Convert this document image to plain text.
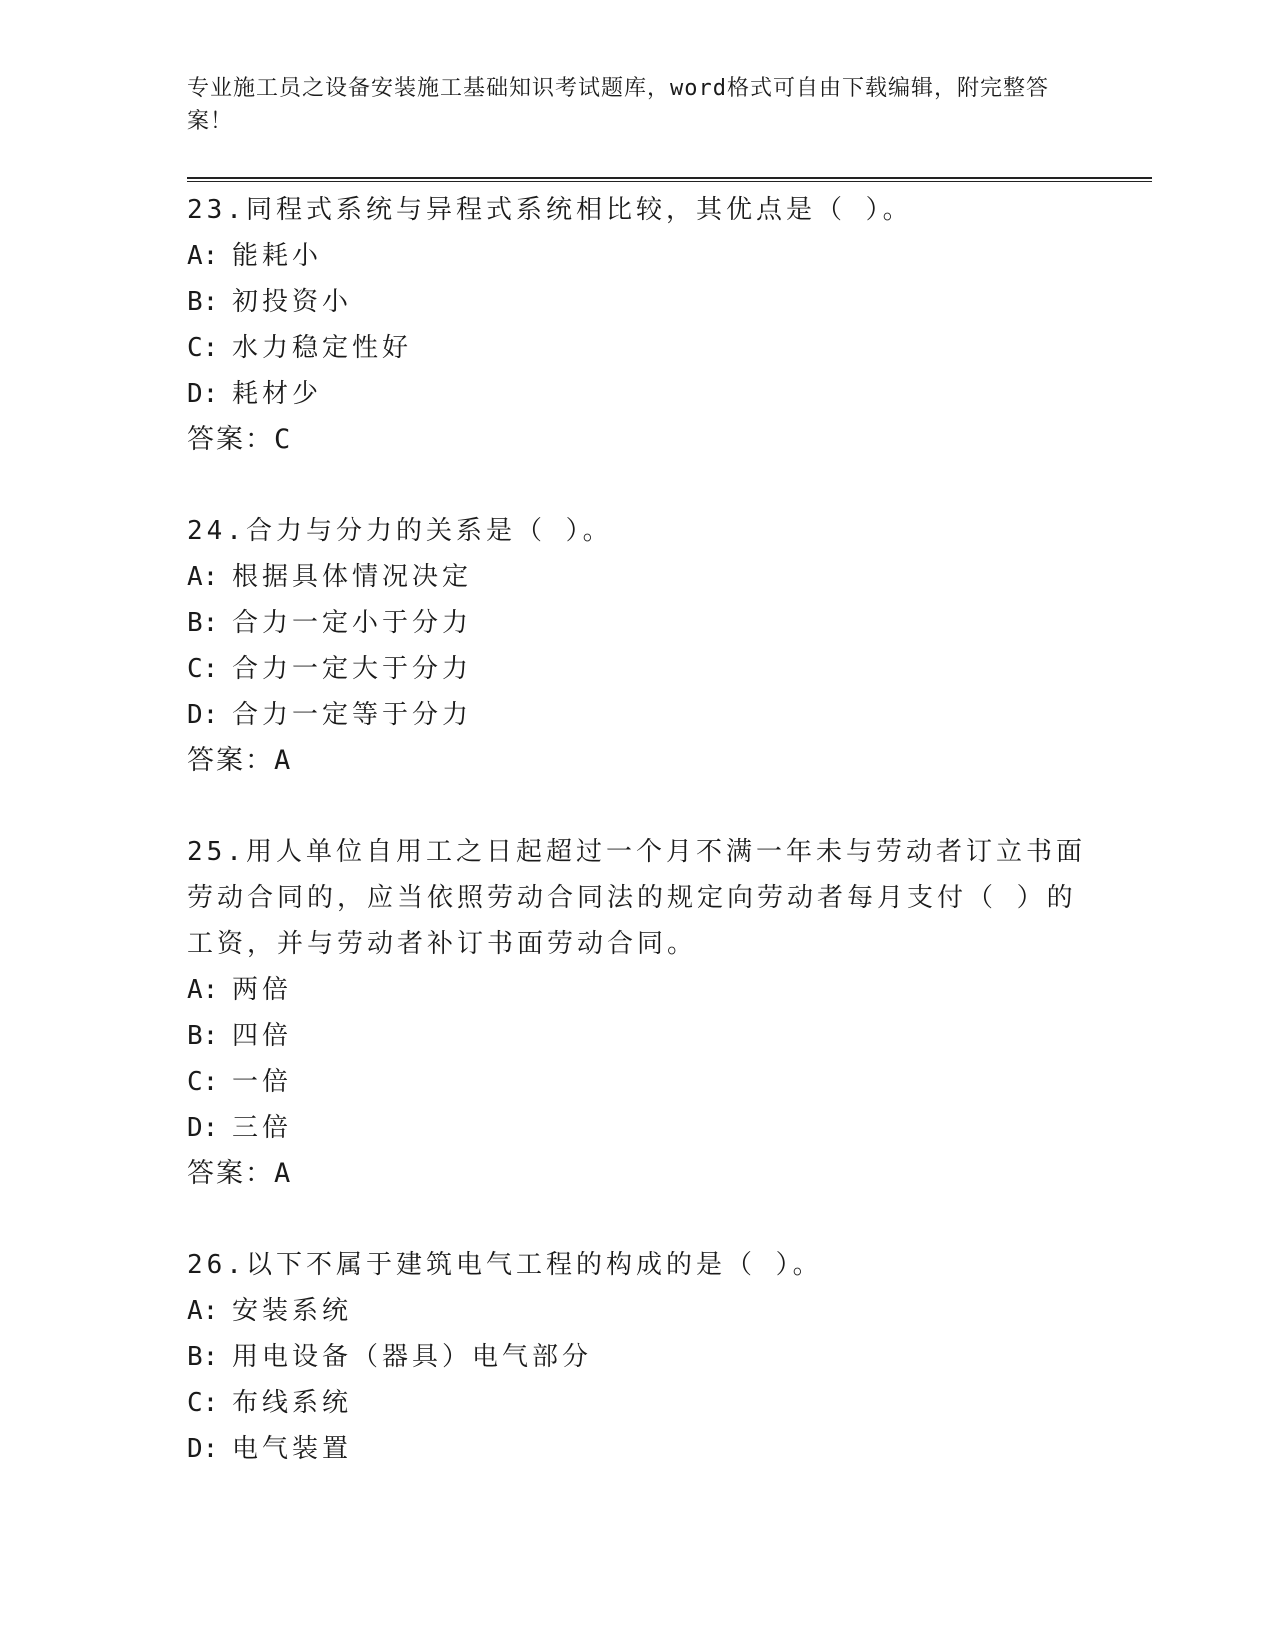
专业施工员之设备安装施工基础知识考试题库，word格式可自由下载编辑，附完整答案！

23.同程式系统与异程式系统相比较，其优点是（ ）。

A: 能耗小

B: 初投资小

C: 水力稳定性好

D: 耗材少

答案：C

24.合力与分力的关系是（ ）。

A: 根据具体情况决定

B: 合力一定小于分力

C: 合力一定大于分力

D: 合力一定等于分力

答案：A

25.用人单位自用工之日起超过一个月不满一年未与劳动者订立书面劳动合同的，应当依照劳动合同法的规定向劳动者每月支付（ ）的工资，并与劳动者补订书面劳动合同。

A: 两倍

B: 四倍

C: 一倍

D: 三倍

答案：A

26.以下不属于建筑电气工程的构成的是（ ）。

A: 安装系统

B: 用电设备（器具）电气部分

C: 布线系统

D: 电气装置
